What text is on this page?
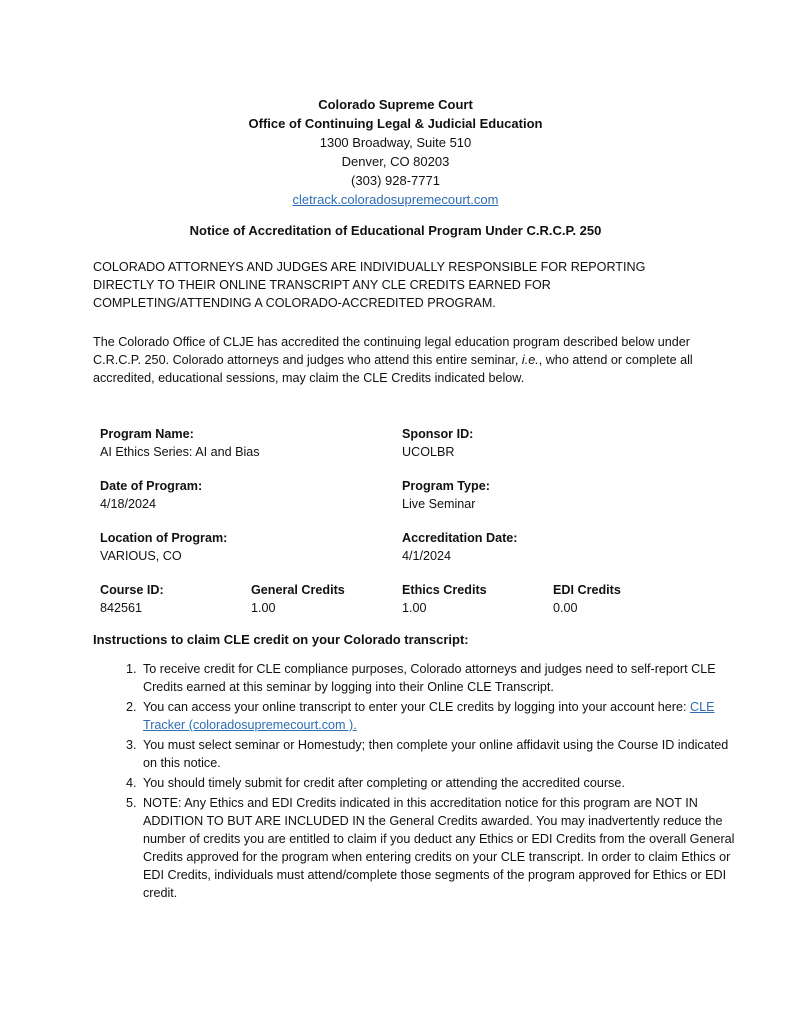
Colorado Supreme Court
Office of Continuing Legal & Judicial Education
1300 Broadway, Suite 510
Denver, CO 80203
(303) 928-7771
cletrack.coloradosupremecourt.com
Notice of Accreditation of Educational Program Under C.R.C.P. 250
COLORADO ATTORNEYS AND JUDGES ARE INDIVIDUALLY RESPONSIBLE FOR REPORTING DIRECTLY TO THEIR ONLINE TRANSCRIPT ANY CLE CREDITS EARNED FOR COMPLETING/ATTENDING A COLORADO-ACCREDITED PROGRAM.
The Colorado Office of CLJE has accredited the continuing legal education program described below under C.R.C.P. 250. Colorado attorneys and judges who attend this entire seminar, i.e., who attend or complete all accredited, educational sessions, may claim the CLE Credits indicated below.
Program Name:
AI Ethics Series: AI and Bias
Sponsor ID:
UCOLBR
Date of Program:
4/18/2024
Program Type:
Live Seminar
Location of Program:
VARIOUS, CO
Accreditation Date:
4/1/2024
Course ID:
842561
General Credits
1.00
Ethics Credits
1.00
EDI Credits
0.00
Instructions to claim CLE credit on your Colorado transcript:
1. To receive credit for CLE compliance purposes, Colorado attorneys and judges need to self-report CLE Credits earned at this seminar by logging into their Online CLE Transcript.
2. You can access your online transcript to enter your CLE credits by logging into your account here: CLE Tracker (coloradosupremecourt.com ).
3. You must select seminar or Homestudy; then complete your online affidavit using the Course ID indicated on this notice.
4. You should timely submit for credit after completing or attending the accredited course.
5. NOTE: Any Ethics and EDI Credits indicated in this accreditation notice for this program are NOT IN ADDITION TO BUT ARE INCLUDED IN the General Credits awarded. You may inadvertently reduce the number of credits you are entitled to claim if you deduct any Ethics or EDI Credits from the overall General Credits approved for the program when entering credits on your CLE transcript. In order to claim Ethics or EDI Credits, individuals must attend/complete those segments of the program approved for Ethics or EDI credit.
